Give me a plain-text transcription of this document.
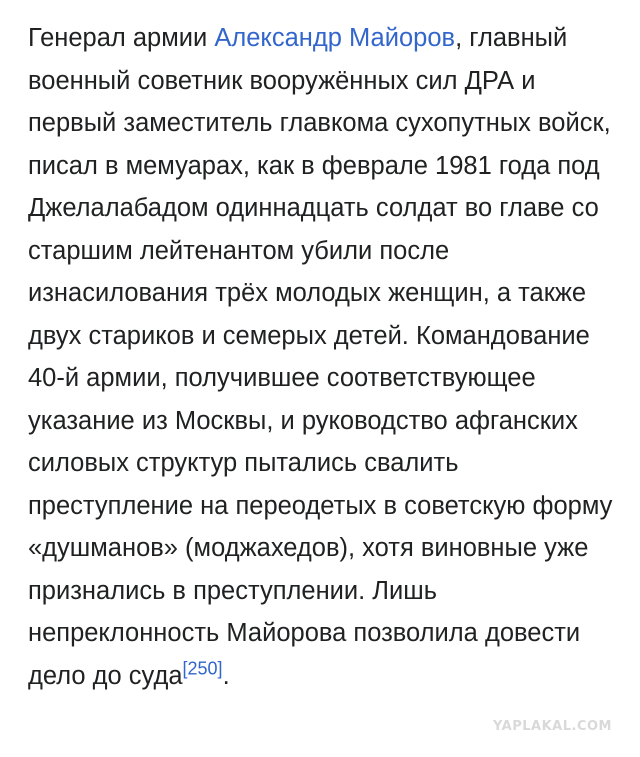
Генерал армии Александр Майоров, главный военный советник вооружённых сил ДРА и первый заместитель главкома сухопутных войск, писал в мемуарах, как в феврале 1981 года под Джелалабадом одиннадцать солдат во главе со старшим лейтенантом убили после изнасилования трёх молодых женщин, а также двух стариков и семерых детей. Командование 40-й армии, получившее соответствующее указание из Москвы, и руководство афганских силовых структур пытались свалить преступление на переодетых в советскую форму «душманов» (моджахедов), хотя виновные уже признались в преступлении. Лишь непреклонность Майорова позволила довести дело до суда[250].

YAPLAKAL.COM
